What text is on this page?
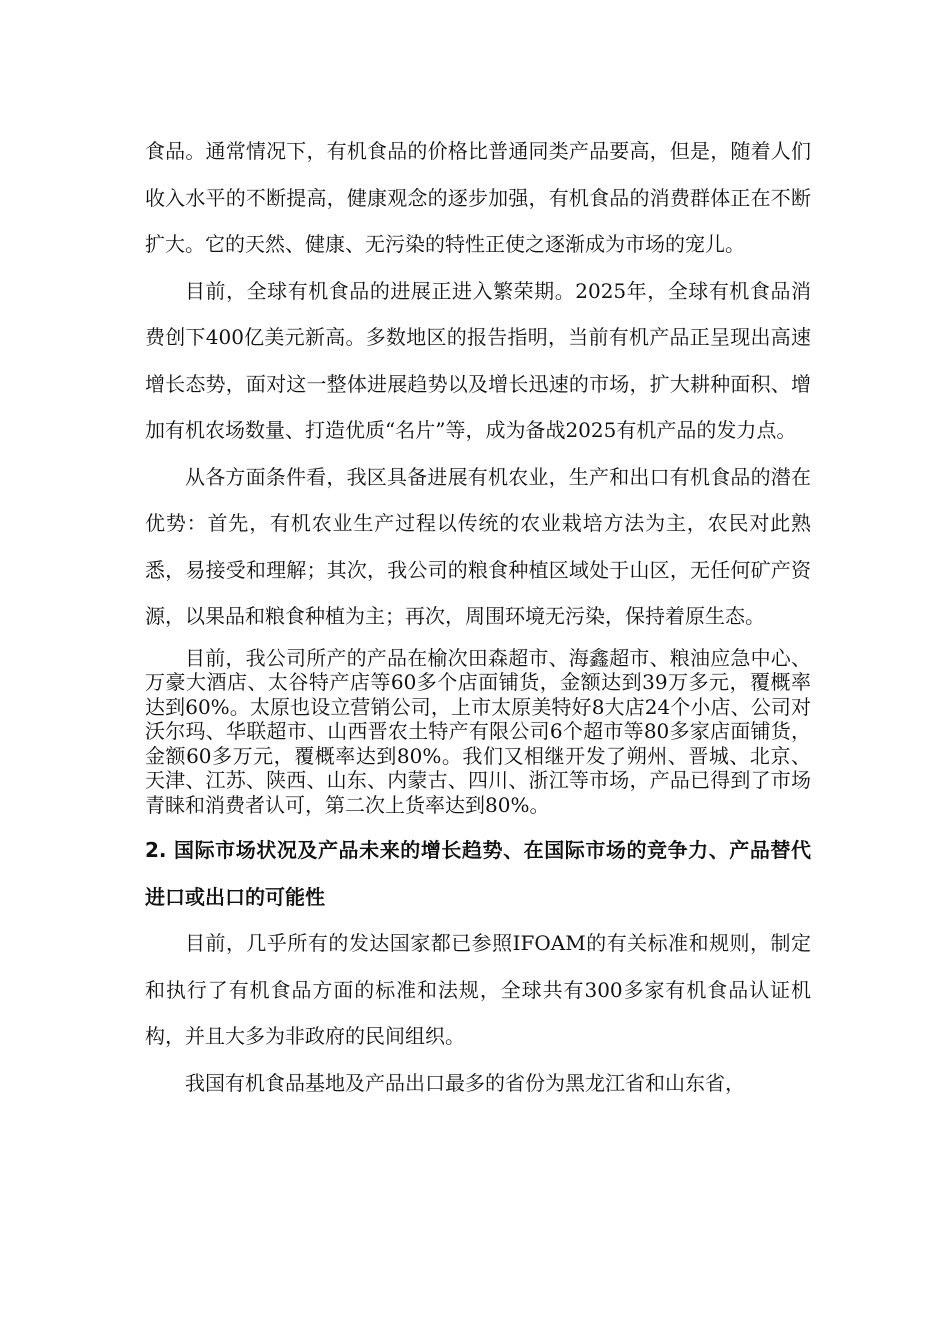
食品。通常情况下，有机食品的价格比普通同类产品要高，但是，随着人们收入水平的不断提高，健康观念的逐步加强，有机食品的消费群体正在不断扩大。它的天然、健康、无污染的特性正使之逐渐成为市场的宠儿。

目前，全球有机食品的进展正进入繁荣期。2025年，全球有机食品消费创下400亿美元新高。多数地区的报告指明，当前有机产品正呈现出高速增长态势，面对这一整体进展趋势以及增长迅速的市场，扩大耕种面积、增加有机农场数量、打造优质“名片”等，成为备战2025有机产品的发力点。

从各方面条件看，我区具备进展有机农业，生产和出口有机食品的潜在优势：首先，有机农业生产过程以传统的农业栽培方法为主，农民对此熟悉，易接受和理解；其次，我公司的粮食种植区域处于山区，无任何矿产资源，以果品和粮食种植为主；再次，周围环境无污染，保持着原生态。

目前，我公司所产的产品在榆次田森超市、海鑫超市、粮油应急中心、万豪大酒店、太谷特产店等60多个店面铺货，金额达到39万多元，覆概率达到60%。太原也设立营销公司，上市太原美特好8大店24个小店、公司对沃尔玛、华联超市、山西晋农土特产有限公司6个超市等80多家店面铺货，金额60多万元，覆概率达到80%。我们又相继开发了朔州、晋城、北京、天津、江苏、陕西、山东、内蒙古、四川、浙江等市场，产品已得到了市场青睐和消费者认可，第二次上货率达到80%。

2. 国际市场状况及产品未来的增长趋势、在国际市场的竞争力、产品替代进口或出口的可能性

目前，几乎所有的发达国家都已参照IFOAM的有关标准和规则，制定和执行了有机食品方面的标准和法规，全球共有300多家有机食品认证机构，并且大多为非政府的民间组织。

我国有机食品基地及产品出口最多的省份为黑龙江省和山东省，
